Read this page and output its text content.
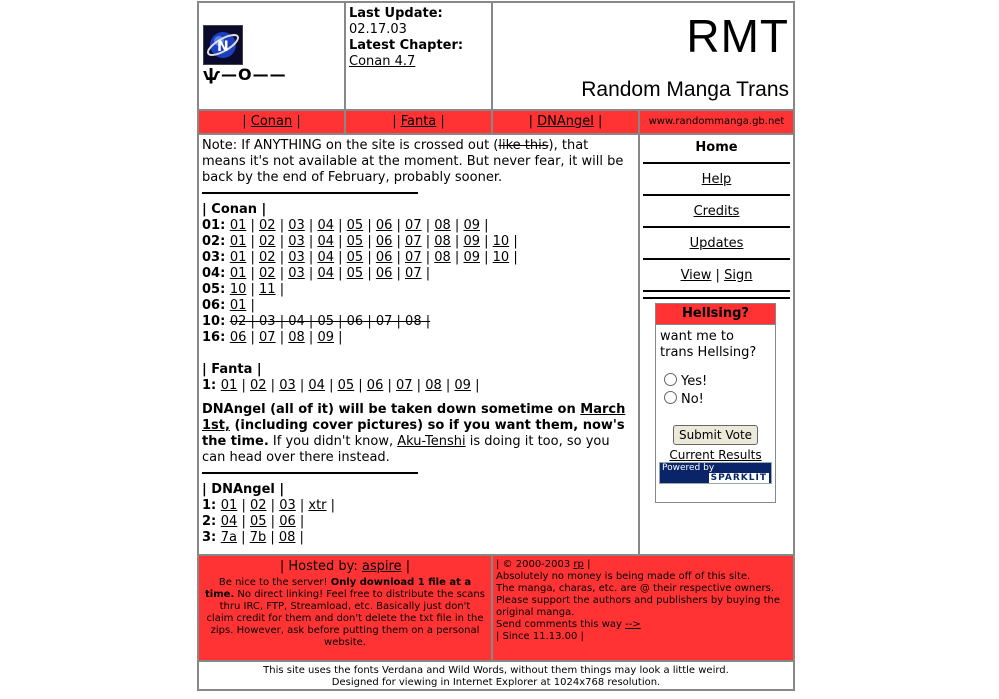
N
ѱ—O——
Last Update:
02.17.03
Latest Chapter:
Conan 4.7	RMT
Random Manga Trans
| Conan |	| Fanta |	| DNAngel |	www.randommanga.gb.net
Note: If ANYTHING on the site is crossed out (like this), that means it's not available at the moment. But never fear, it will be back by the end of February, probably sooner.
| Conan |
01: 01 | 02 | 03 | 04 | 05 | 06 | 07 | 08 | 09 |
02: 01 | 02 | 03 | 04 | 05 | 06 | 07 | 08 | 09 | 10 |
03: 01 | 02 | 03 | 04 | 05 | 06 | 07 | 08 | 09 | 10 |
04: 01 | 02 | 03 | 04 | 05 | 06 | 07 |
05: 10 | 11 |
06: 01 |
10: 02 | 03 | 04 | 05 | 06 | 07 | 08 |
16: 06 | 07 | 08 | 09 |
| Fanta |
1: 01 | 02 | 03 | 04 | 05 | 06 | 07 | 08 | 09 |
DNAngel (all of it) will be taken down sometime on March 1st, (including cover pictures) so if you want them, now's the time. If you didn't know, Aku-Tenshi is doing it too, so you can head over there instead.
| DNAngel |
1: 01 | 02 | 03 | xtr |
2: 04 | 05 | 06 |
3: 7a | 7b | 08 |
Home
Help
Credits
Updates
View | Sign
Hellsing?
want me to trans Hellsing?
Yes!
No!
Submit Vote
Current Results
Powered by
SPARKLIT
| Hosted by: aspire |
Be nice to the server! Only download 1 file at a time. No direct linking! Feel free to distribute the scans thru IRC, FTP, Streamload, etc. Basically just don't claim credit for them and don't delete the txt file in the zips. However, ask before putting them on a personal website.
| © 2000-2003 rp |
Absolutely no money is being made off of this site.
The manga, charas, etc. are @ their respective owners.
Please support the authors and publishers by buying the original manga.
Send comments this way -->
| Since 11.13.00 |
This site uses the fonts Verdana and Wild Words, without them things may look a little weird.
Designed for viewing in Internet Explorer at 1024x768 resolution.
